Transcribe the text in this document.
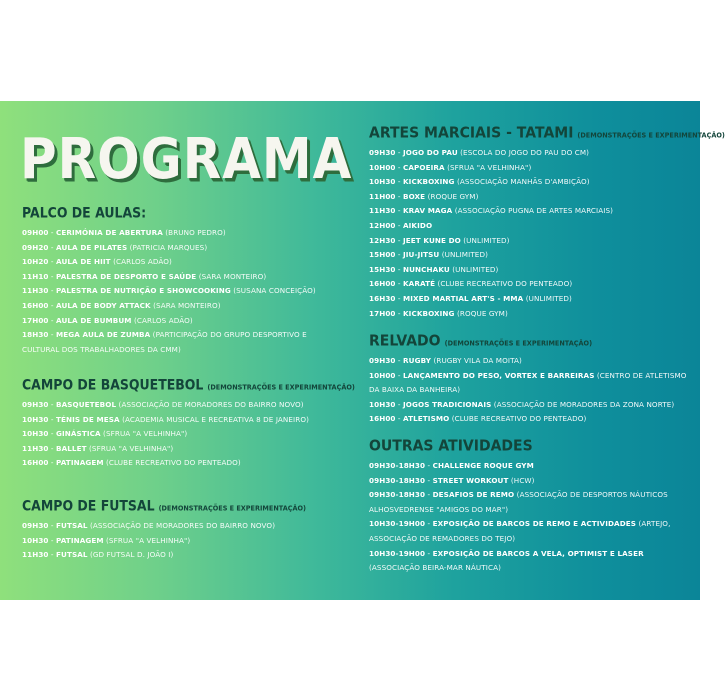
PROGRAMA
PALCO DE AULAS:
09H00 - CERIMÓNIA DE ABERTURA (BRUNO PEDRO)
09H20 - AULA DE PILATES (PATRICIA MARQUES)
10H20 - AULA DE HIIT (CARLOS ADÃO)
11H10 - PALESTRA DE DESPORTO E SAÚDE (SARA MONTEIRO)
11H30 - PALESTRA DE NUTRIÇÃO E SHOWCOOKING (SUSANA CONCEIÇÃO)
16H00 - AULA DE BODY ATTACK (SARA MONTEIRO)
17H00 - AULA DE BUMBUM (CARLOS ADÃO)
18H30 - MEGA AULA DE ZUMBA (PARTICIPAÇÃO DO GRUPO DESPORTIVO E
CULTURAL DOS TRABALHADORES DA CMM)
CAMPO DE BASQUETEBOL (DEMONSTRAÇÕES E EXPERIMENTAÇÃO)
09H30 - BASQUETEBOL (ASSOCIAÇÃO DE MORADORES DO BAIRRO NOVO)
10H30 - TÉNIS DE MESA (ACADEMIA MUSICAL E RECREATIVA 8 DE JANEIRO)
10H30 - GINÁSTICA (SFRUA "A VELHINHA")
11H30 - BALLET (SFRUA "A VELHINHA")
16H00 - PATINAGEM (CLUBE RECREATIVO DO PENTEADO)
CAMPO DE FUTSAL (DEMONSTRAÇÕES E EXPERIMENTAÇÃO)
09H30 - FUTSAL (ASSOCIAÇÃO DE MORADORES DO BAIRRO NOVO)
10H30 - PATINAGEM (SFRUA "A VELHINHA")
11H30 - FUTSAL (GD FUTSAL D. JOÃO I)
ARTES MARCIAIS - TATAMI (DEMONSTRAÇÕES E EXPERIMENTAÇÃO)
09H30 - JOGO DO PAU (ESCOLA DO JOGO DO PAU DO CM)
10H00 - CAPOEIRA (SFRUA "A VELHINHA")
10H30 - KICKBOXING (ASSOCIAÇÃO MANHÃS D'AMBIÇÃO)
11H00 - BOXE (ROQUE GYM)
11H30 - KRAV MAGA (ASSOCIAÇÃO PUGNA DE ARTES MARCIAIS)
12H00 - AIKIDO
12H30 - JEET KUNE DO (UNLIMITED)
15H00 - JIU-JITSU (UNLIMITED)
15H30 - NUNCHAKU (UNLIMITED)
16H00 - KARATÉ (CLUBE RECREATIVO DO PENTEADO)
16H30 - MIXED MARTIAL ART'S - MMA (UNLIMITED)
17H00 - KICKBOXING (ROQUE GYM)
RELVADO (DEMONSTRAÇÕES E EXPERIMENTAÇÃO)
09H30 - RUGBY (RUGBY VILA DA MOITA)
10H00 - LANÇAMENTO DO PESO, VORTEX E BARREIRAS (CENTRO DE ATLETISMO
DA BAIXA DA BANHEIRA)
10H30 - JOGOS TRADICIONAIS (ASSOCIAÇÃO DE MORADORES DA ZONA NORTE)
16H00 - ATLETISMO (CLUBE RECREATIVO DO PENTEADO)
OUTRAS ATIVIDADES
09H30-18H30 - CHALLENGE ROQUE GYM
09H30-18H30 - STREET WORKOUT (HCW)
09H30-18H30 - DESAFIOS DE REMO (ASSOCIAÇÃO DE DESPORTOS NÁUTICOS
ALHOSVEDRENSE "AMIGOS DO MAR")
10H30-19H00 - EXPOSIÇÃO DE BARCOS DE REMO E ACTIVIDADES (ARTEJO,
ASSOCIAÇÃO DE REMADORES DO TEJO)
10H30-19H00 - EXPOSIÇÃO DE BARCOS A VELA, OPTIMIST E LASER
(ASSOCIAÇÃO BEIRA-MAR NÁUTICA)
